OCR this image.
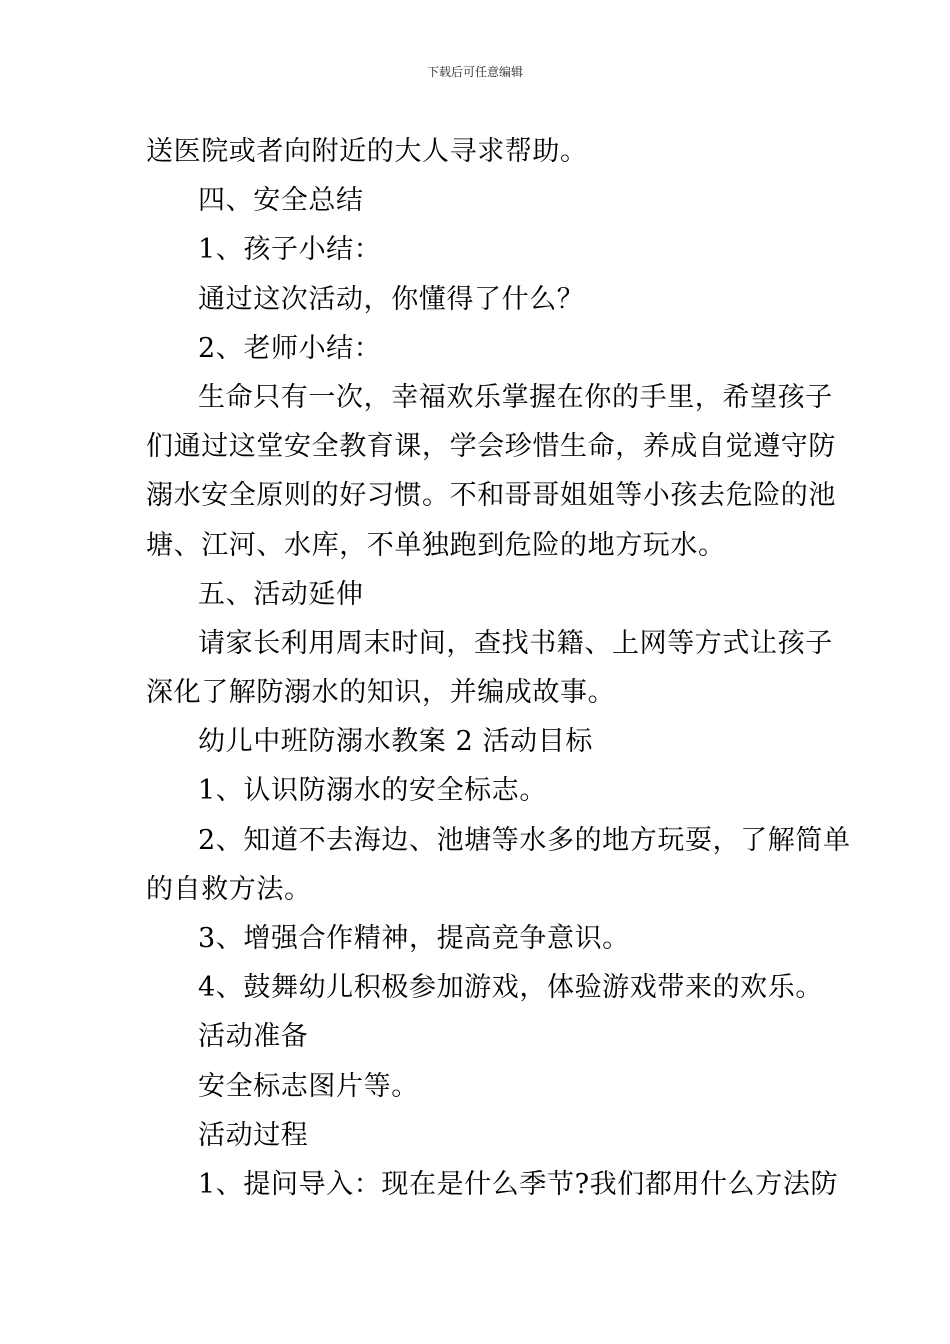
下载后可任意编辑
送医院或者向附近的大人寻求帮助。
四、安全总结
1、孩子小结：
通过这次活动，你懂得了什么？
2、老师小结：
生命只有一次，幸福欢乐掌握在你的手里，希望孩子
们通过这堂安全教育课，学会珍惜生命，养成自觉遵守防
溺水安全原则的好习惯。不和哥哥姐姐等小孩去危险的池
塘、江河、水库，不单独跑到危险的地方玩水。
五、活动延伸
请家长利用周末时间，查找书籍、上网等方式让孩子
深化了解防溺水的知识，并编成故事。
幼儿中班防溺水教案 2 活动目标
1、认识防溺水的安全标志。
2、知道不去海边、池塘等水多的地方玩耍，了解简单
的自救方法。
3、增强合作精神，提高竞争意识。
4、鼓舞幼儿积极参加游戏，体验游戏带来的欢乐。
活动准备
安全标志图片等。
活动过程
1、提问导入：现在是什么季节?我们都用什么方法防
